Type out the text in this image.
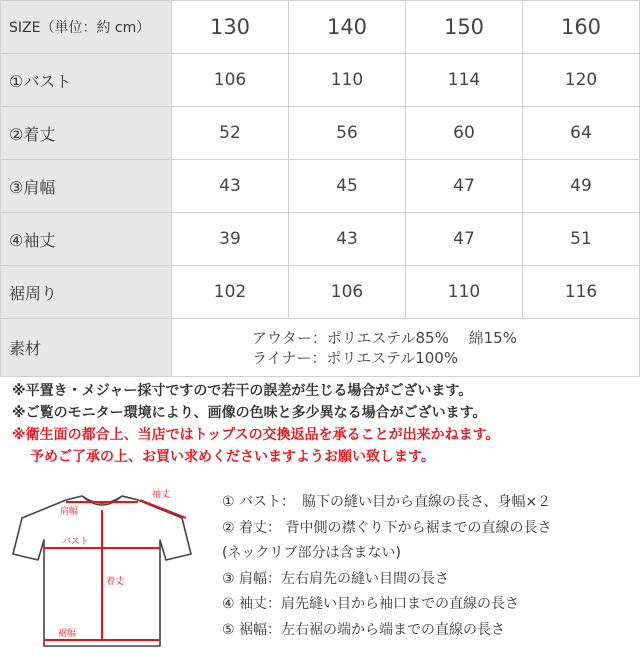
SIZE（単位：約 cm）	130	140	150	160
①バスト	106	110	114	120
②着丈	52	56	60	64
③肩幅	43	45	47	49
④袖丈	39	43	47	51
裾周り	102	106	110	116
素材	アウター：ポリエステル85%　 綿15%
ライナー：ポリエステル100%			
※平置き・メジャー採寸ですので若干の誤差が生じる場合がございます。
※ご覧のモニター環境により、画像の色味と多少異なる場合がございます。
※衛生面の都合上、当店ではトップスの交換返品を承ることが出来かねます。
予めご了承の上、お買い求めくださいますようお願い致します。
袖丈
肩幅
バスト
着丈
裾幅
① バスト：　脇下の縫い目から直線の長さ、身幅×２
② 着丈： 背中側の襟ぐり下から裾までの直線の長さ
(ネックリブ部分は含まない)
③ 肩幅：左右肩先の縫い目間の長さ
④ 袖丈：肩先縫い目から袖口までの直線の長さ
⑤ 裾幅：左右裾の端から端までの直線の長さ
